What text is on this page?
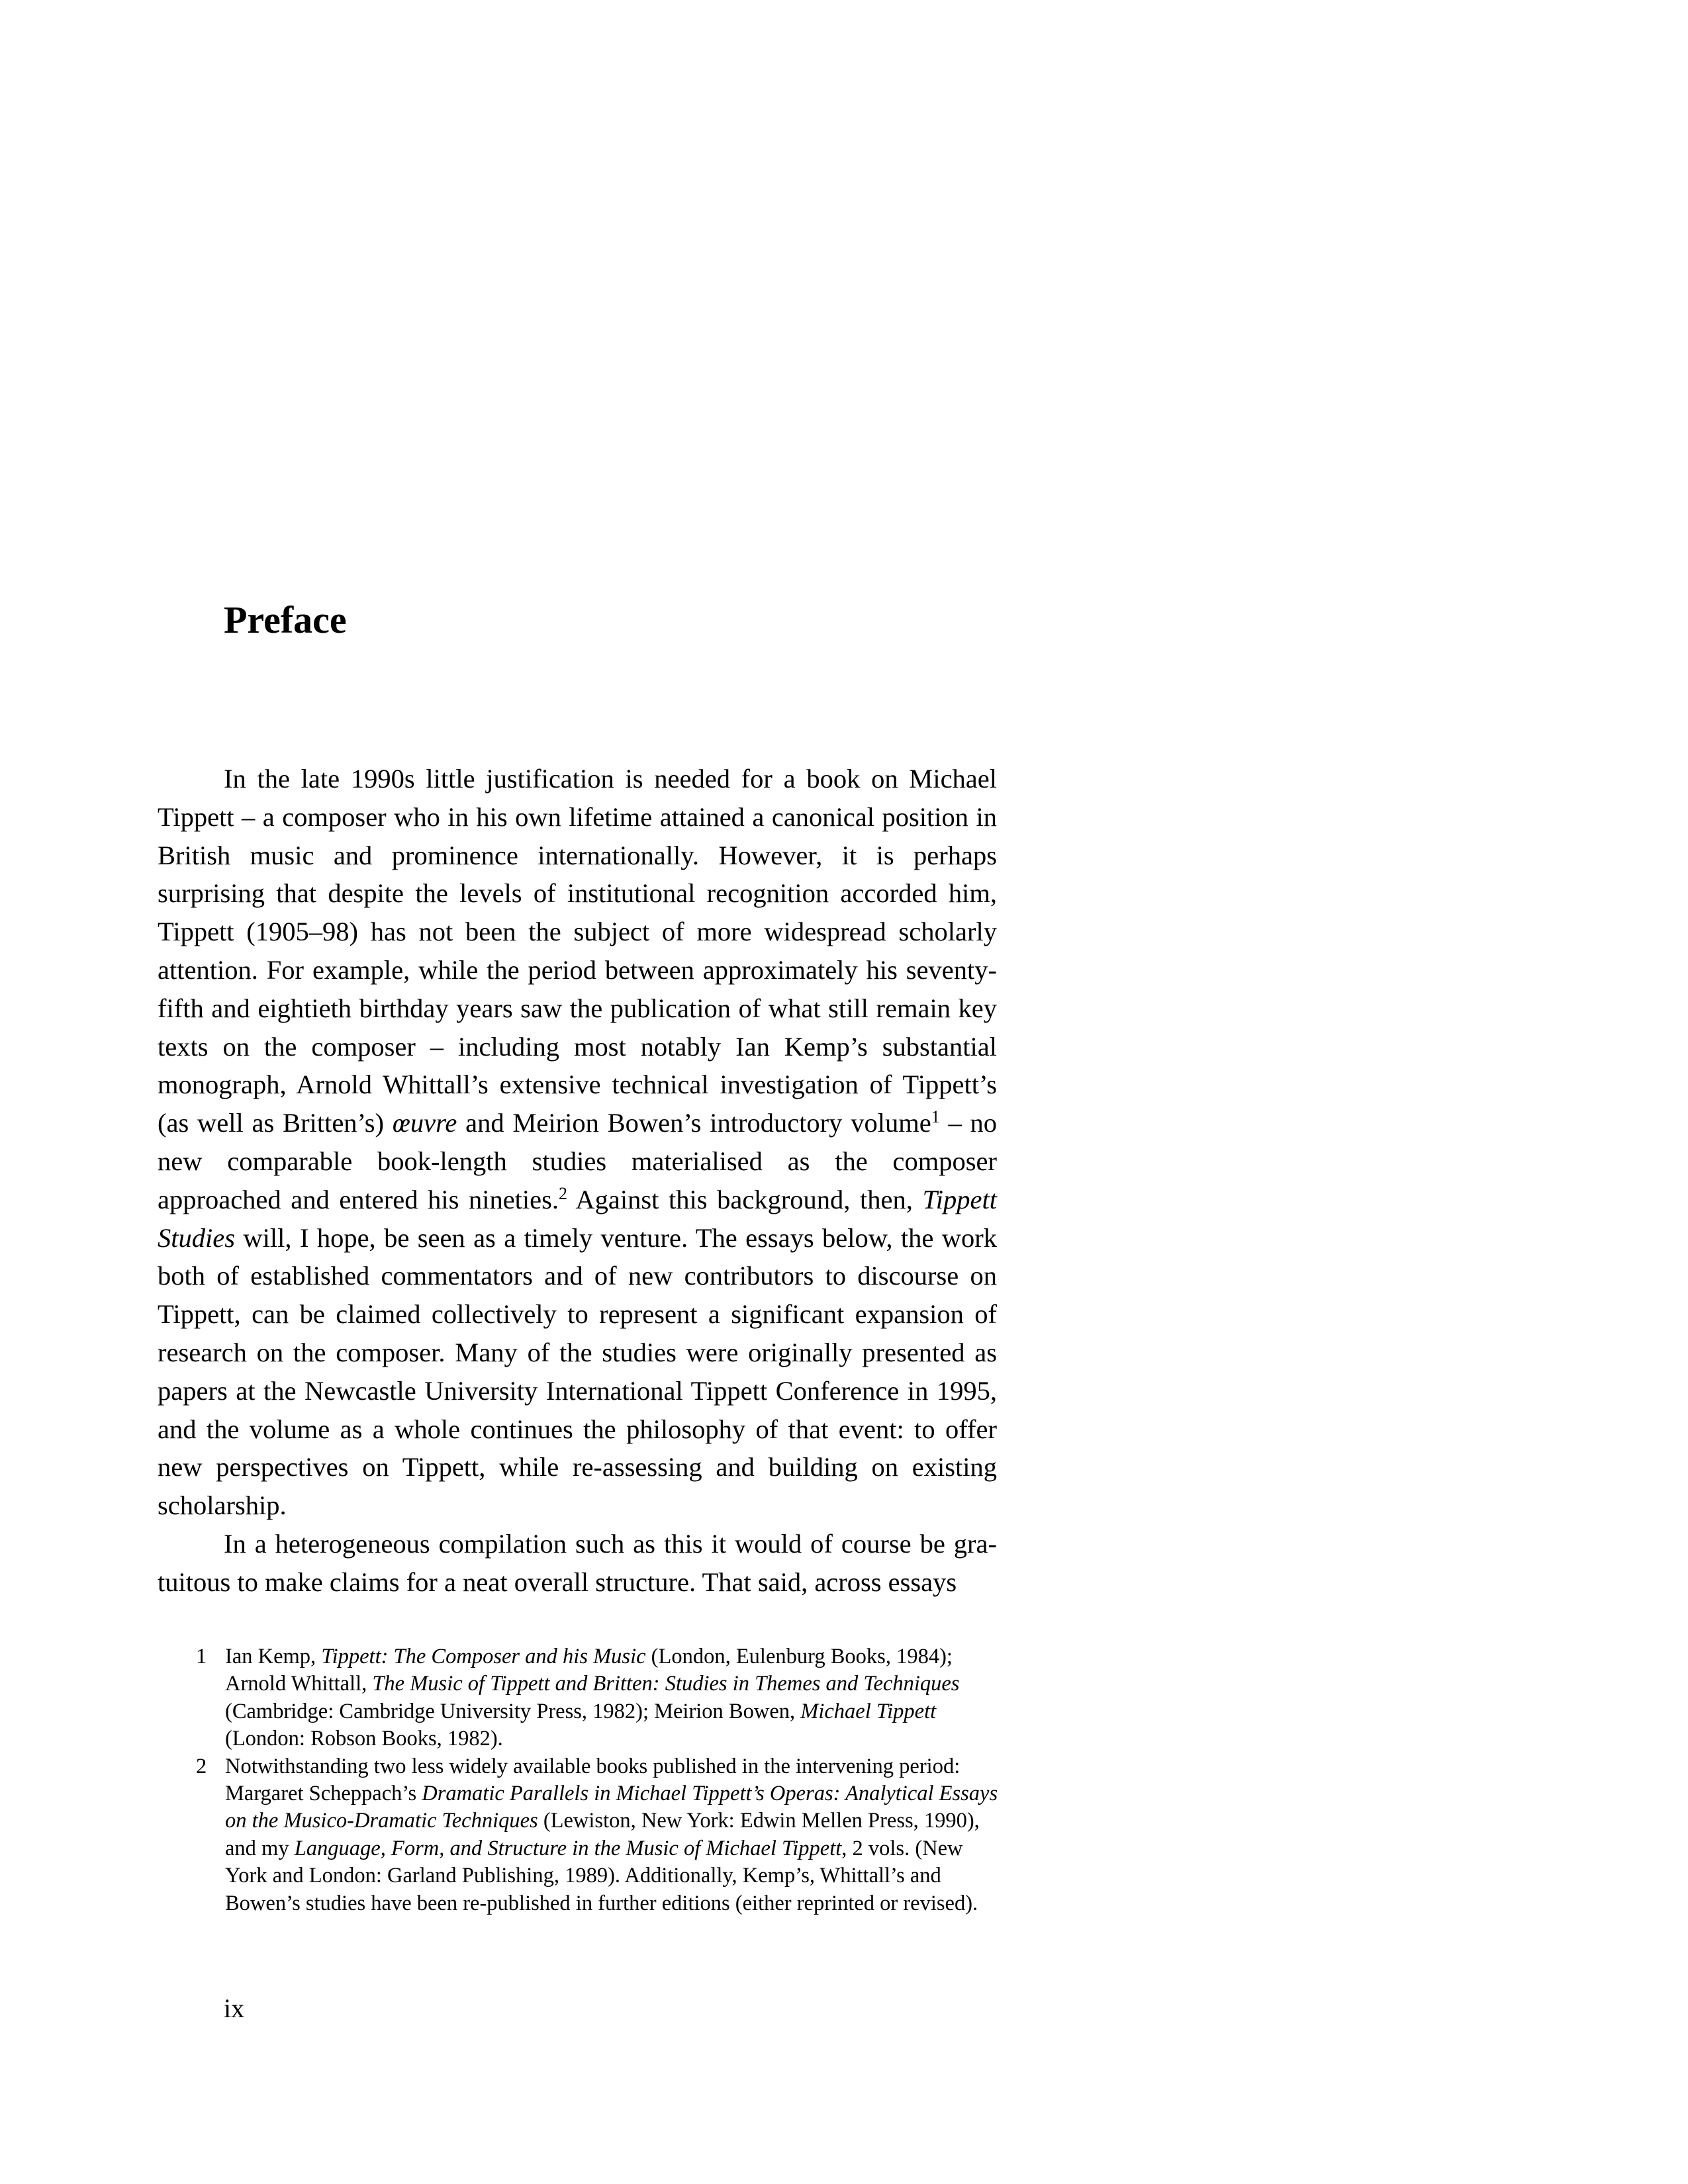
Preface

In the late 1990s little justification is needed for a book on Michael Tippett – a composer who in his own lifetime attained a canonical position in British music and prominence internationally. However, it is perhaps surprising that despite the levels of institutional recognition accorded him, Tippett (1905–98) has not been the subject of more widespread scholarly attention. For example, while the period between approximately his seventy-fifth and eightieth birthday years saw the publication of what still remain key texts on the composer – including most notably Ian Kemp’s substantial monograph, Arnold Whittall’s extensive technical investigation of Tippett’s (as well as Britten’s) œuvre and Meirion Bowen’s introductory volume$^1$ – no new comparable book-length studies materialised as the composer approached and entered his nineties.$^2$ Against this background, then, Tippett Studies will, I hope, be seen as a timely venture. The essays below, the work both of established commentators and of new contributors to discourse on Tippett, can be claimed collectively to represent a significant expansion of research on the composer. Many of the studies were originally presented as papers at the Newcastle University International Tippett Conference in 1995, and the volume as a whole continues the philosophy of that event: to offer new perspectives on Tippett, while re-assessing and building on existing scholarship.

In a heterogeneous compilation such as this it would of course be gratuitous to make claims for a neat overall structure. That said, across essays

1 Ian Kemp, Tippett: The Composer and his Music (London, Eulenburg Books, 1984); Arnold Whittall, The Music of Tippett and Britten: Studies in Themes and Techniques (Cambridge: Cambridge University Press, 1982); Meirion Bowen, Michael Tippett (London: Robson Books, 1982).
2 Notwithstanding two less widely available books published in the intervening period: Margaret Scheppach’s Dramatic Parallels in Michael Tippett’s Operas: Analytical Essays on the Musico-Dramatic Techniques (Lewiston, New York: Edwin Mellen Press, 1990), and my Language, Form, and Structure in the Music of Michael Tippett, 2 vols. (New York and London: Garland Publishing, 1989). Additionally, Kemp’s, Whittall’s and Bowen’s studies have been re-published in further editions (either reprinted or revised).
ix
